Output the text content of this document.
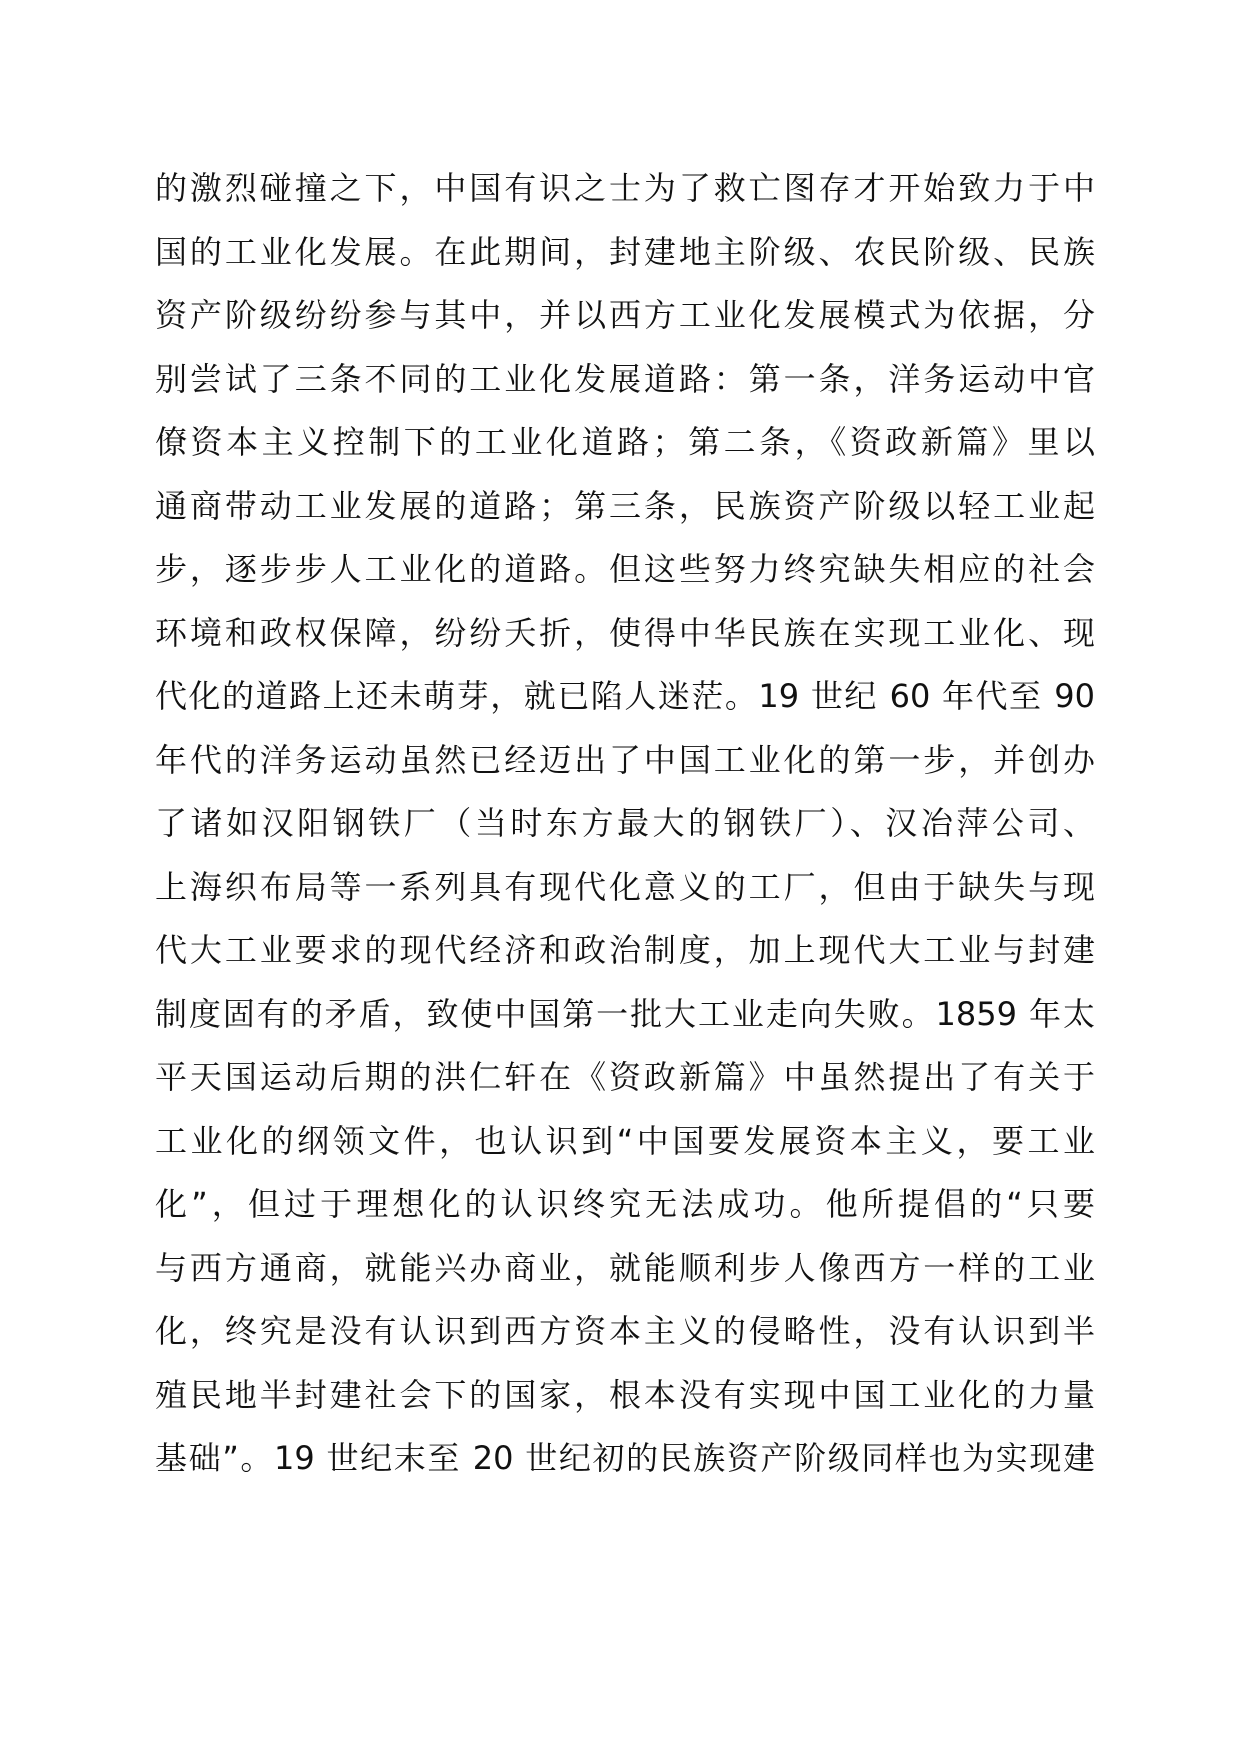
的激烈碰撞之下，中国有识之士为了救亡图存才开始致力于中
国的工业化发展。在此期间，封建地主阶级、农民阶级、民族
资产阶级纷纷参与其中，并以西方工业化发展模式为依据，分
别尝试了三条不同的工业化发展道路：第一条，洋务运动中官
僚资本主义控制下的工业化道路；第二条，《资政新篇》里以
通商带动工业发展的道路；第三条，民族资产阶级以轻工业起
步，逐步步人工业化的道路。但这些努力终究缺失相应的社会
环境和政权保障，纷纷夭折，使得中华民族在实现工业化、现
代化的道路上还未萌芽，就已陷人迷茫。19 世纪 60 年代至 90
年代的洋务运动虽然已经迈出了中国工业化的第一步，并创办
了诸如汉阳钢铁厂（当时东方最大的钢铁厂）、汉冶萍公司、
上海织布局等一系列具有现代化意义的工厂，但由于缺失与现
代大工业要求的现代经济和政治制度，加上现代大工业与封建
制度固有的矛盾，致使中国第一批大工业走向失败。1859 年太
平天国运动后期的洪仁轩在《资政新篇》中虽然提出了有关于
工业化的纲领文件，也认识到“中国要发展资本主义，要工业
化”，但过于理想化的认识终究无法成功。他所提倡的“只要
与西方通商，就能兴办商业，就能顺利步人像西方一样的工业
化，终究是没有认识到西方资本主义的侵略性，没有认识到半
殖民地半封建社会下的国家，根本没有实现中国工业化的力量
基础”。19 世纪末至 20 世纪初的民族资产阶级同样也为实现建
